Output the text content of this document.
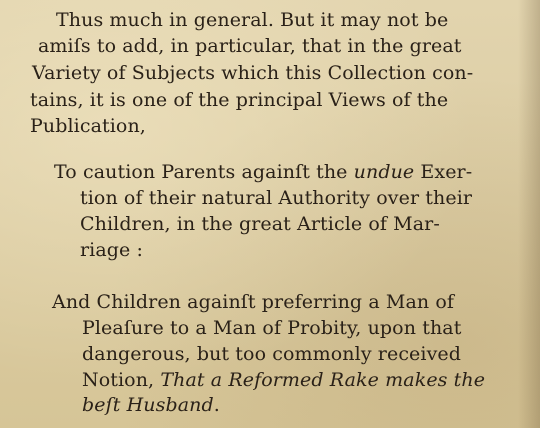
Thus much in general. But it may not be
amiſs to add, in particular, that in the great
Variety of Subjects which this Collection con-
tains, it is one of the principal Views of the
Publication,
To caution Parents againſt the undue Exer-
tion of their natural Authority over their
Children, in the great Article of Mar-
riage :
And Children againſt preferring a Man of
Pleaſure to a Man of Probity, upon that
dangerous, but too commonly received
Notion, That a Reformed Rake makes the
beſt Husband.
